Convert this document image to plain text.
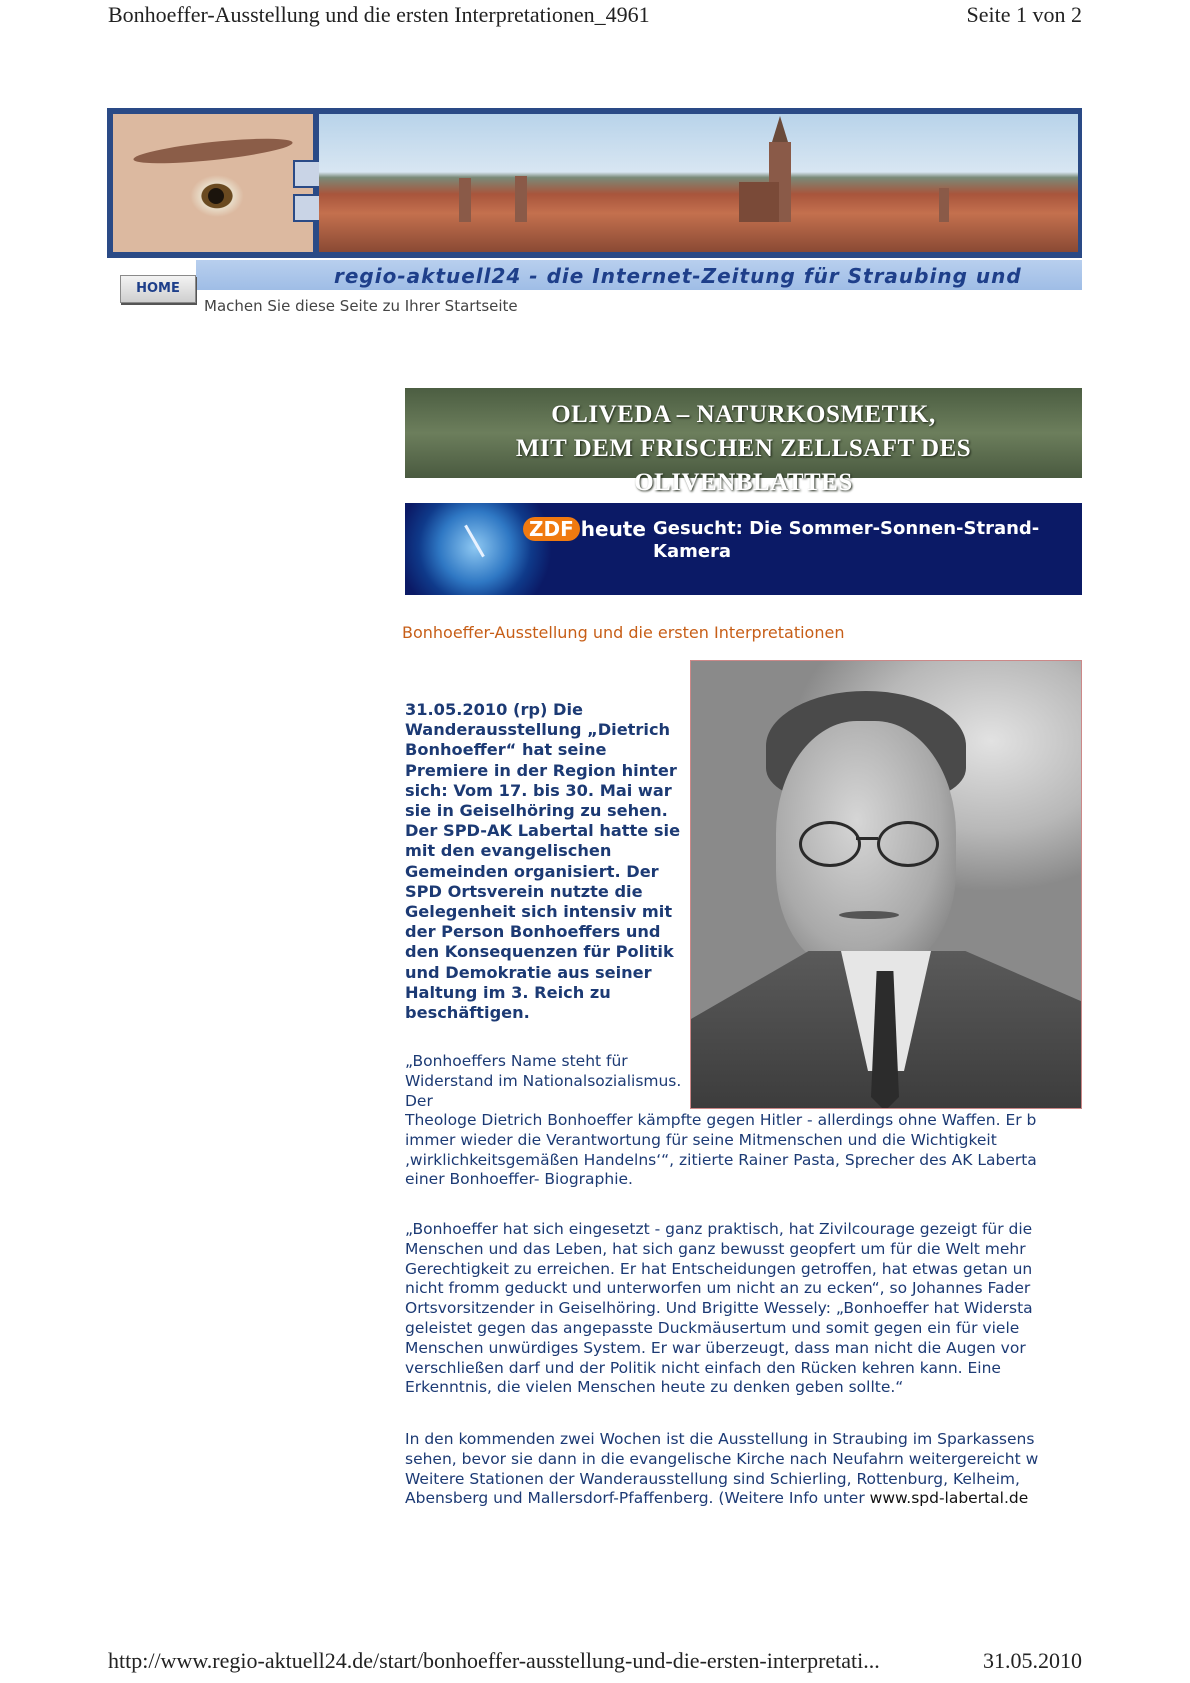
Bonhoeffer-Ausstellung und die ersten Interpretationen_4961	Seite 1 von 2
regio-aktuell24 - die Internet-Zeitung für Straubing und
HOME
Machen Sie diese Seite zu Ihrer Startseite
OLIVEDA – NATURKOSMETIK,
MIT DEM FRISCHEN ZELLSAFT DES OLIVENBLATTES
ZDF heute Gesucht: Die Sommer-Sonnen-Strand-Kamera
Bonhoeffer-Ausstellung und die ersten Interpretationen
31.05.2010 (rp) Die Wanderausstellung „Dietrich Bonhoeffer“ hat seine Premiere in der Region hinter sich: Vom 17. bis 30. Mai war sie in Geiselhöring zu sehen. Der SPD-AK Labertal hatte sie mit den evangelischen Gemeinden organisiert. Der SPD Ortsverein nutzte die Gelegenheit sich intensiv mit der Person Bonhoeffers und den Konsequenzen für Politik und Demokratie aus seiner Haltung im 3. Reich zu beschäftigen.
„Bonhoeffers Name steht für Widerstand im Nationalsozialismus. Der
Theologe Dietrich Bonhoeffer kämpfte gegen Hitler - allerdings ohne Waffen. Er b
immer wieder die Verantwortung für seine Mitmenschen und die Wichtigkeit
‚wirklichkeitsgemäßen Handelns‘“, zitierte Rainer Pasta, Sprecher des AK Laberta
einer Bonhoeffer- Biographie.
„Bonhoeffer hat sich eingesetzt - ganz praktisch, hat Zivilcourage gezeigt für die
Menschen und das Leben, hat sich ganz bewusst geopfert um für die Welt mehr
Gerechtigkeit zu erreichen. Er hat Entscheidungen getroffen, hat etwas getan un
nicht fromm geduckt und unterworfen um nicht an zu ecken“, so Johannes Fader
Ortsvorsitzender in Geiselhöring. Und Brigitte Wessely: „Bonhoeffer hat Widersta
geleistet gegen das angepasste Duckmäusertum und somit gegen ein für viele
Menschen unwürdiges System. Er war überzeugt, dass man nicht die Augen vor
verschließen darf und der Politik nicht einfach den Rücken kehren kann. Eine
Erkenntnis, die vielen Menschen heute zu denken geben sollte.“
In den kommenden zwei Wochen ist die Ausstellung in Straubing im Sparkassens
sehen, bevor sie dann in die evangelische Kirche nach Neufahrn weitergereicht w
Weitere Stationen der Wanderausstellung sind Schierling, Rottenburg, Kelheim,
Abensberg und Mallersdorf-Pfaffenberg. (Weitere Info unter www.spd-labertal.de
http://www.regio-aktuell24.de/start/bonhoeffer-ausstellung-und-die-ersten-interpretati...	31.05.2010
